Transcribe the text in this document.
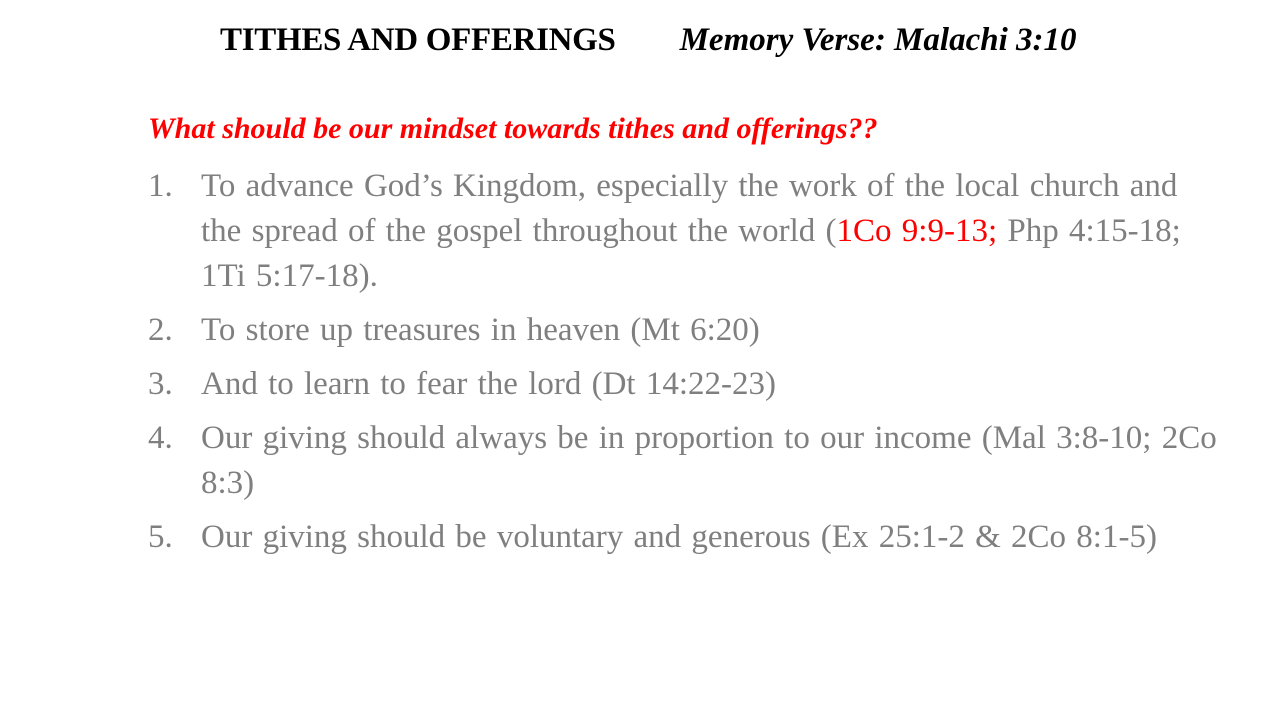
TITHES AND OFFERINGS Memory Verse: Malachi 3:10
What should be our mindset towards tithes and offerings??
1. To advance God’s Kingdom, especially the work of the local church and the spread of the gospel throughout the world (1Co 9:9-13; Php 4:15-18; 1Ti 5:17-18).
2. To store up treasures in heaven (Mt 6:20)
3. And to learn to fear the lord (Dt 14:22-23)
4. Our giving should always be in proportion to our income (Mal 3:8-10; 2Co 8:3)
5. Our giving should be voluntary and generous (Ex 25:1-2 & 2Co 8:1-5)
